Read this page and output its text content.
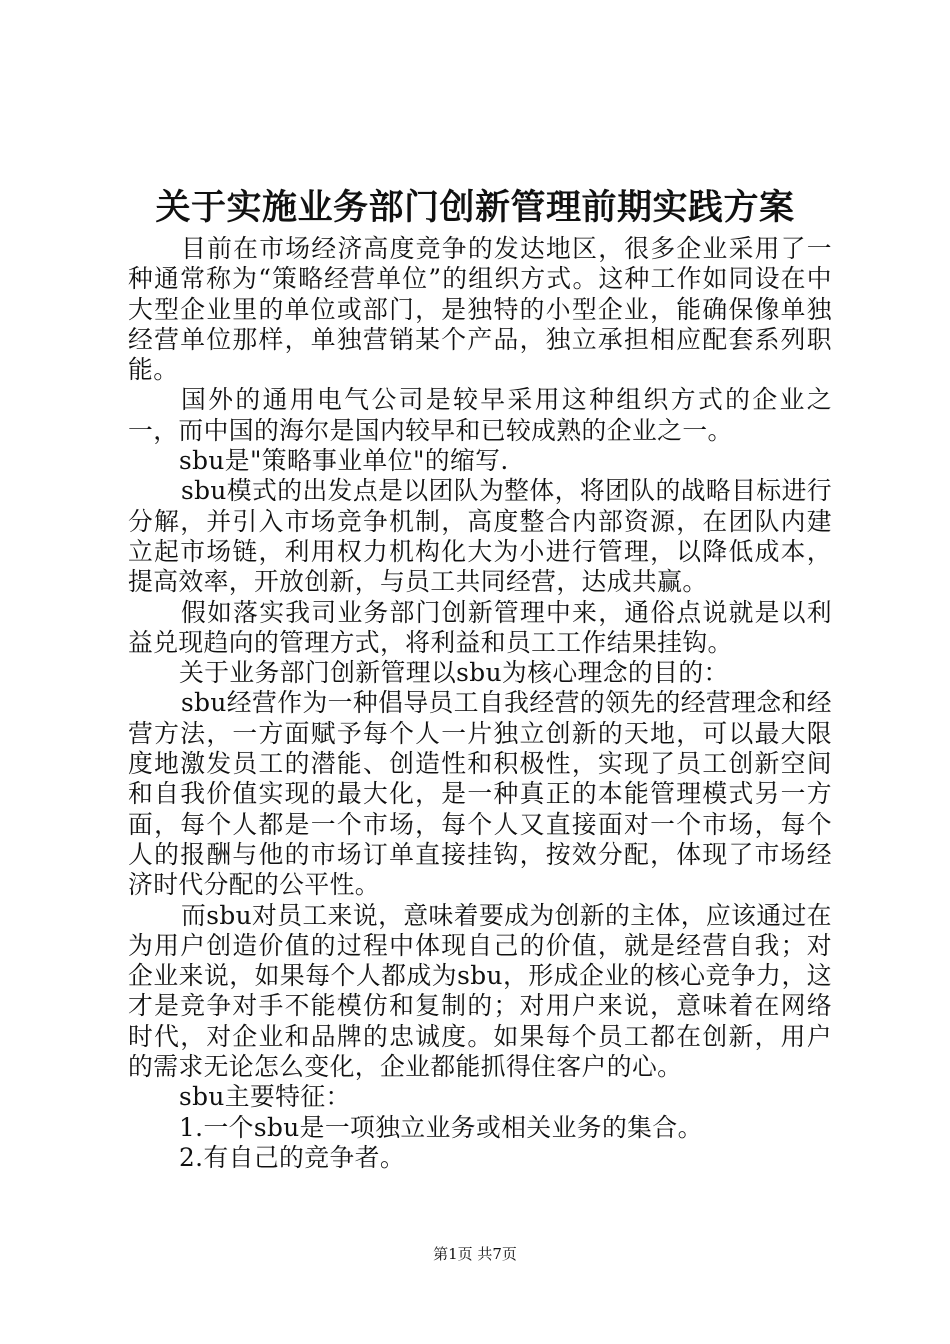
关于实施业务部门创新管理前期实践方案

目前在市场经济高度竞争的发达地区，很多企业采用了一种通常称为“策略经营单位”的组织方式。这种工作如同设在中大型企业里的单位或部门，是独特的小型企业，能确保像单独经营单位那样，单独营销某个产品，独立承担相应配套系列职能。

国外的通用电气公司是较早采用这种组织方式的企业之一，而中国的海尔是国内较早和已较成熟的企业之一。

sbu是"策略事业单位"的缩写.

sbu模式的出发点是以团队为整体，将团队的战略目标进行分解，并引入市场竞争机制，高度整合内部资源，在团队内建立起市场链，利用权力机构化大为小进行管理，以降低成本，提高效率，开放创新，与员工共同经营，达成共赢。

假如落实我司业务部门创新管理中来，通俗点说就是以利益兑现趋向的管理方式，将利益和员工工作结果挂钩。

关于业务部门创新管理以sbu为核心理念的目的：

sbu经营作为一种倡导员工自我经营的领先的经营理念和经营方法，一方面赋予每个人一片独立创新的天地，可以最大限度地激发员工的潜能、创造性和积极性，实现了员工创新空间和自我价值实现的最大化，是一种真正的本能管理模式另一方面，每个人都是一个市场，每个人又直接面对一个市场，每个人的报酬与他的市场订单直接挂钩，按效分配，体现了市场经济时代分配的公平性。

而sbu对员工来说，意味着要成为创新的主体，应该通过在为用户创造价值的过程中体现自己的价值，就是经营自我；对企业来说，如果每个人都成为sbu，形成企业的核心竞争力，这才是竞争对手不能模仿和复制的；对用户来说，意味着在网络时代，对企业和品牌的忠诚度。如果每个员工都在创新，用户的需求无论怎么变化，企业都能抓得住客户的心。

sbu主要特征：

1.一个sbu是一项独立业务或相关业务的集合。

2.有自己的竞争者。

第1页 共7页
